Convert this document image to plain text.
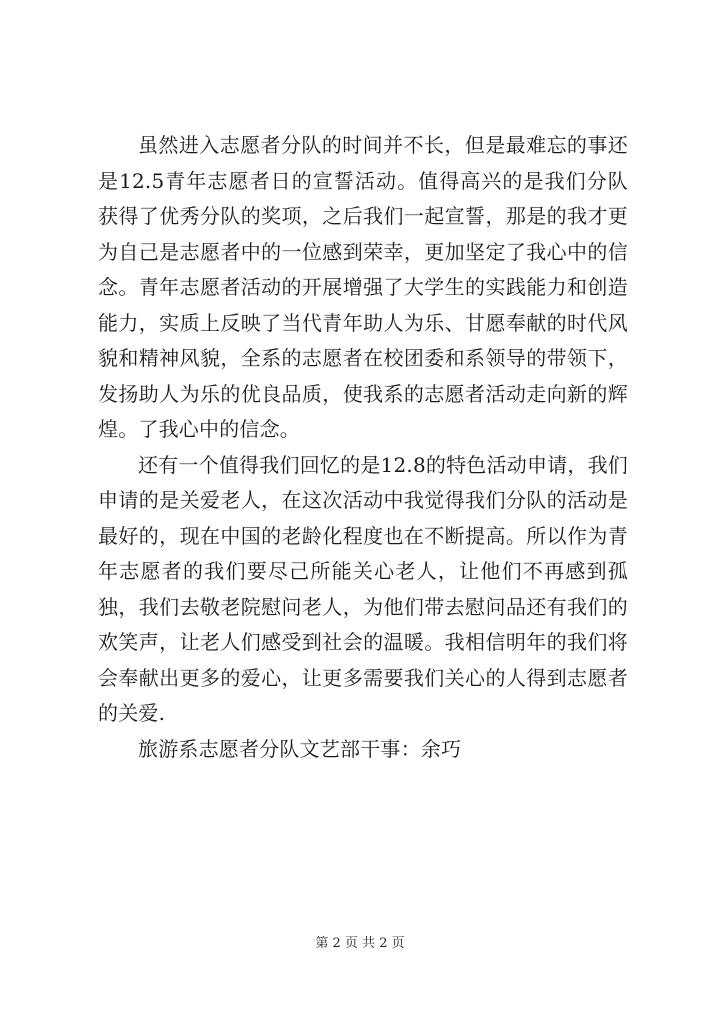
虽然进入志愿者分队的时间并不长，但是最难忘的事还是12.5青年志愿者日的宣誓活动。值得高兴的是我们分队获得了优秀分队的奖项，之后我们一起宣誓，那是的我才更为自己是志愿者中的一位感到荣幸，更加坚定了我心中的信念。青年志愿者活动的开展增强了大学生的实践能力和创造能力，实质上反映了当代青年助人为乐、甘愿奉献的时代风貌和精神风貌，全系的志愿者在校团委和系领导的带领下，发扬助人为乐的优良品质，使我系的志愿者活动走向新的辉煌。了我心中的信念。

还有一个值得我们回忆的是12.8的特色活动申请，我们申请的是关爱老人，在这次活动中我觉得我们分队的活动是最好的，现在中国的老龄化程度也在不断提高。所以作为青年志愿者的我们要尽己所能关心老人，让他们不再感到孤独，我们去敬老院慰问老人，为他们带去慰问品还有我们的欢笑声，让老人们感受到社会的温暖。我相信明年的我们将会奉献出更多的爱心，让更多需要我们关心的人得到志愿者的关爱.

旅游系志愿者分队文艺部干事：余巧

第 2 页 共 2 页
